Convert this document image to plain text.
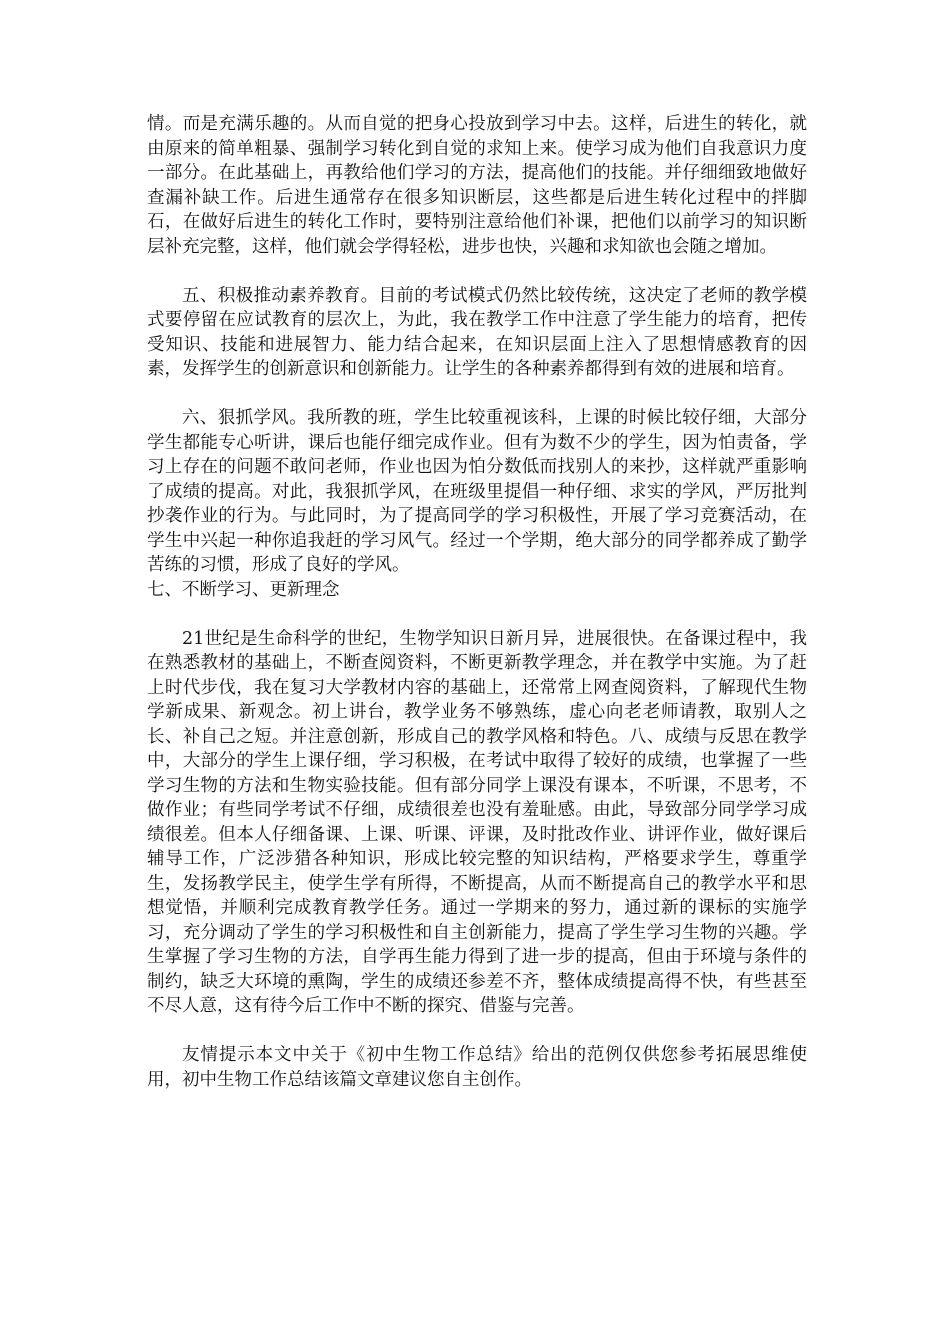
情。而是充满乐趣的。从而自觉的把身心投放到学习中去。这样，后进生的转化，就由原来的简单粗暴、强制学习转化到自觉的求知上来。使学习成为他们自我意识力度一部分。在此基础上，再教给他们学习的方法，提高他们的技能。并仔细细致地做好查漏补缺工作。后进生通常存在很多知识断层，这些都是后进生转化过程中的拌脚石，在做好后进生的转化工作时，要特别注意给他们补课，把他们以前学习的知识断层补充完整，这样，他们就会学得轻松，进步也快，兴趣和求知欲也会随之增加。

五、积极推动素养教育。目前的考试模式仍然比较传统，这决定了老师的教学模式要停留在应试教育的层次上，为此，我在教学工作中注意了学生能力的培育，把传受知识、技能和进展智力、能力结合起来，在知识层面上注入了思想情感教育的因素，发挥学生的创新意识和创新能力。让学生的各种素养都得到有效的进展和培育。

六、狠抓学风。我所教的班，学生比较重视该科，上课的时候比较仔细，大部分学生都能专心听讲，课后也能仔细完成作业。但有为数不少的学生，因为怕责备，学习上存在的问题不敢问老师，作业也因为怕分数低而找别人的来抄，这样就严重影响了成绩的提高。对此，我狠抓学风，在班级里提倡一种仔细、求实的学风，严厉批判抄袭作业的行为。与此同时，为了提高同学的学习积极性，开展了学习竞赛活动，在学生中兴起一种你追我赶的学习风气。经过一个学期，绝大部分的同学都养成了勤学苦练的习惯，形成了良好的学风。

七、不断学习、更新理念

21世纪是生命科学的世纪，生物学知识日新月异，进展很快。在备课过程中，我在熟悉教材的基础上，不断查阅资料，不断更新教学理念，并在教学中实施。为了赶上时代步伐，我在复习大学教材内容的基础上，还常常上网查阅资料，了解现代生物学新成果、新观念。初上讲台，教学业务不够熟练，虚心向老老师请教，取别人之长、补自己之短。并注意创新，形成自己的教学风格和特色。八、成绩与反思在教学中，大部分的学生上课仔细，学习积极，在考试中取得了较好的成绩，也掌握了一些学习生物的方法和生物实验技能。但有部分同学上课没有课本，不听课，不思考，不做作业；有些同学考试不仔细，成绩很差也没有羞耻感。由此，导致部分同学学习成绩很差。但本人仔细备课、上课、听课、评课，及时批改作业、讲评作业，做好课后辅导工作，广泛涉猎各种知识，形成比较完整的知识结构，严格要求学生，尊重学生，发扬教学民主，使学生学有所得，不断提高，从而不断提高自己的教学水平和思想觉悟，并顺利完成教育教学任务。通过一学期来的努力，通过新的课标的实施学习，充分调动了学生的学习积极性和自主创新能力，提高了学生学习生物的兴趣。学生掌握了学习生物的方法，自学再生能力得到了进一步的提高，但由于环境与条件的制约，缺乏大环境的熏陶，学生的成绩还参差不齐，整体成绩提高得不快，有些甚至不尽人意，这有待今后工作中不断的探究、借鉴与完善。

友情提示本文中关于《初中生物工作总结》给出的范例仅供您参考拓展思维使用，初中生物工作总结该篇文章建议您自主创作。
